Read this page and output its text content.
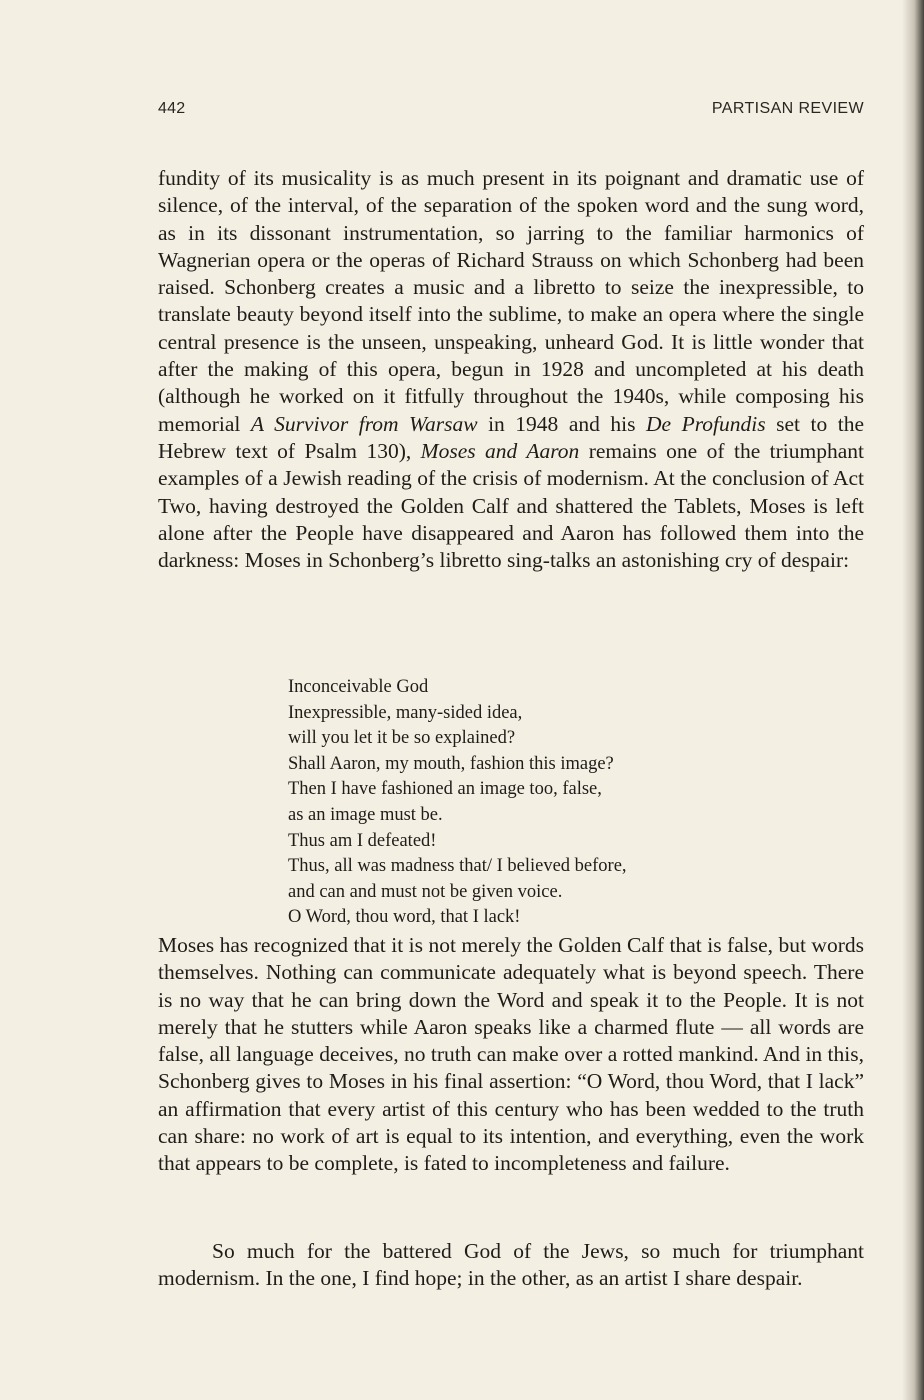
442	PARTISAN REVIEW

fundity of its musicality is as much present in its poignant and dramatic use of silence, of the interval, of the separation of the spoken word and the sung word, as in its dissonant instrumentation, so jarring to the familiar harmonics of Wagnerian opera or the operas of Richard Strauss on which Schonberg had been raised. Schonberg creates a music and a libretto to seize the inexpressible, to translate beauty beyond itself into the sublime, to make an opera where the single central presence is the unseen, unspeaking, unheard God. It is little wonder that after the making of this opera, begun in 1928 and uncompleted at his death (although he worked on it fitfully throughout the 1940s, while composing his memorial A Survivor from Warsaw in 1948 and his De Profundis set to the Hebrew text of Psalm 130), Moses and Aaron remains one of the triumphant examples of a Jewish reading of the crisis of modernism. At the conclusion of Act Two, having destroyed the Golden Calf and shattered the Tablets, Moses is left alone after the People have disappeared and Aaron has followed them into the darkness: Moses in Schonberg’s libretto sing-talks an astonishing cry of despair:

Inconceivable God
Inexpressible, many-sided idea,
will you let it be so explained?
Shall Aaron, my mouth, fashion this image?
Then I have fashioned an image too, false,
as an image must be.
Thus am I defeated!
Thus, all was madness that/ I believed before,
and can and must not be given voice.
O Word, thou word, that I lack!

Moses has recognized that it is not merely the Golden Calf that is false, but words themselves. Nothing can communicate adequately what is beyond speech. There is no way that he can bring down the Word and speak it to the People. It is not merely that he stutters while Aaron speaks like a charmed flute — all words are false, all language deceives, no truth can make over a rotted mankind. And in this, Schonberg gives to Moses in his final assertion: “O Word, thou Word, that I lack” an affirmation that every artist of this century who has been wedded to the truth can share: no work of art is equal to its intention, and everything, even the work that appears to be complete, is fated to incompleteness and failure.

So much for the battered God of the Jews, so much for triumphant modernism. In the one, I find hope; in the other, as an artist I share despair.
